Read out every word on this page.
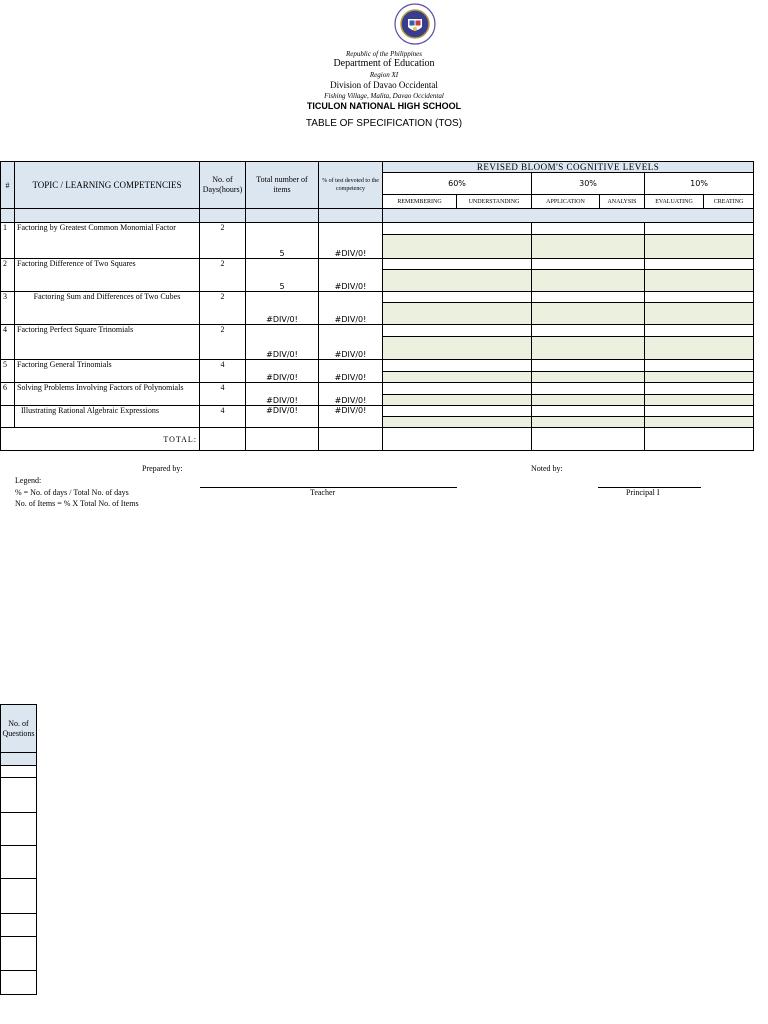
Republic of the Philippines
Department of Education
Region XI
Division of Davao Occidental
Fishing Village, Malita, Davao Occidental
TICULON NATIONAL HIGH SCHOOL
TABLE OF SPECIFICATION (TOS)
#	TOPIC / LEARNING COMPETENCIES	No. of Days(hours)	Total number of items	% of test devoted to the competency	REVISED BLOOM'S COGNITIVE LEVELS					
					60%		30%		10%	
					REMEMBERING	UNDERSTANDING	APPLICATION	ANALYSIS	EVALUATING	CREATING

1	Factoring by Greatest Common Monomial Factor	2	5	#DIV/0!						

2	Factoring Difference of Two Squares	2	5	#DIV/0!						

3	Factoring Sum and Differences of Two Cubes	2	#DIV/0!	#DIV/0!						

4	Factoring Perfect Square Trinomials	2	#DIV/0!	#DIV/0!						

5	Factoring General Trinomials	4	#DIV/0!	#DIV/0!						

6	Solving Problems Involving Factors of Polynomials	4	#DIV/0!	#DIV/0!						

	Illustrating Rational Algebraic Expressions	4	#DIV/0!	#DIV/0!						

TOTAL:										
Prepared by:	Noted by:
Legend:
% = No. of days / Total No. of days	Teacher	Principal I
No. of Items = % X Total No. of Items
No. of Questions
